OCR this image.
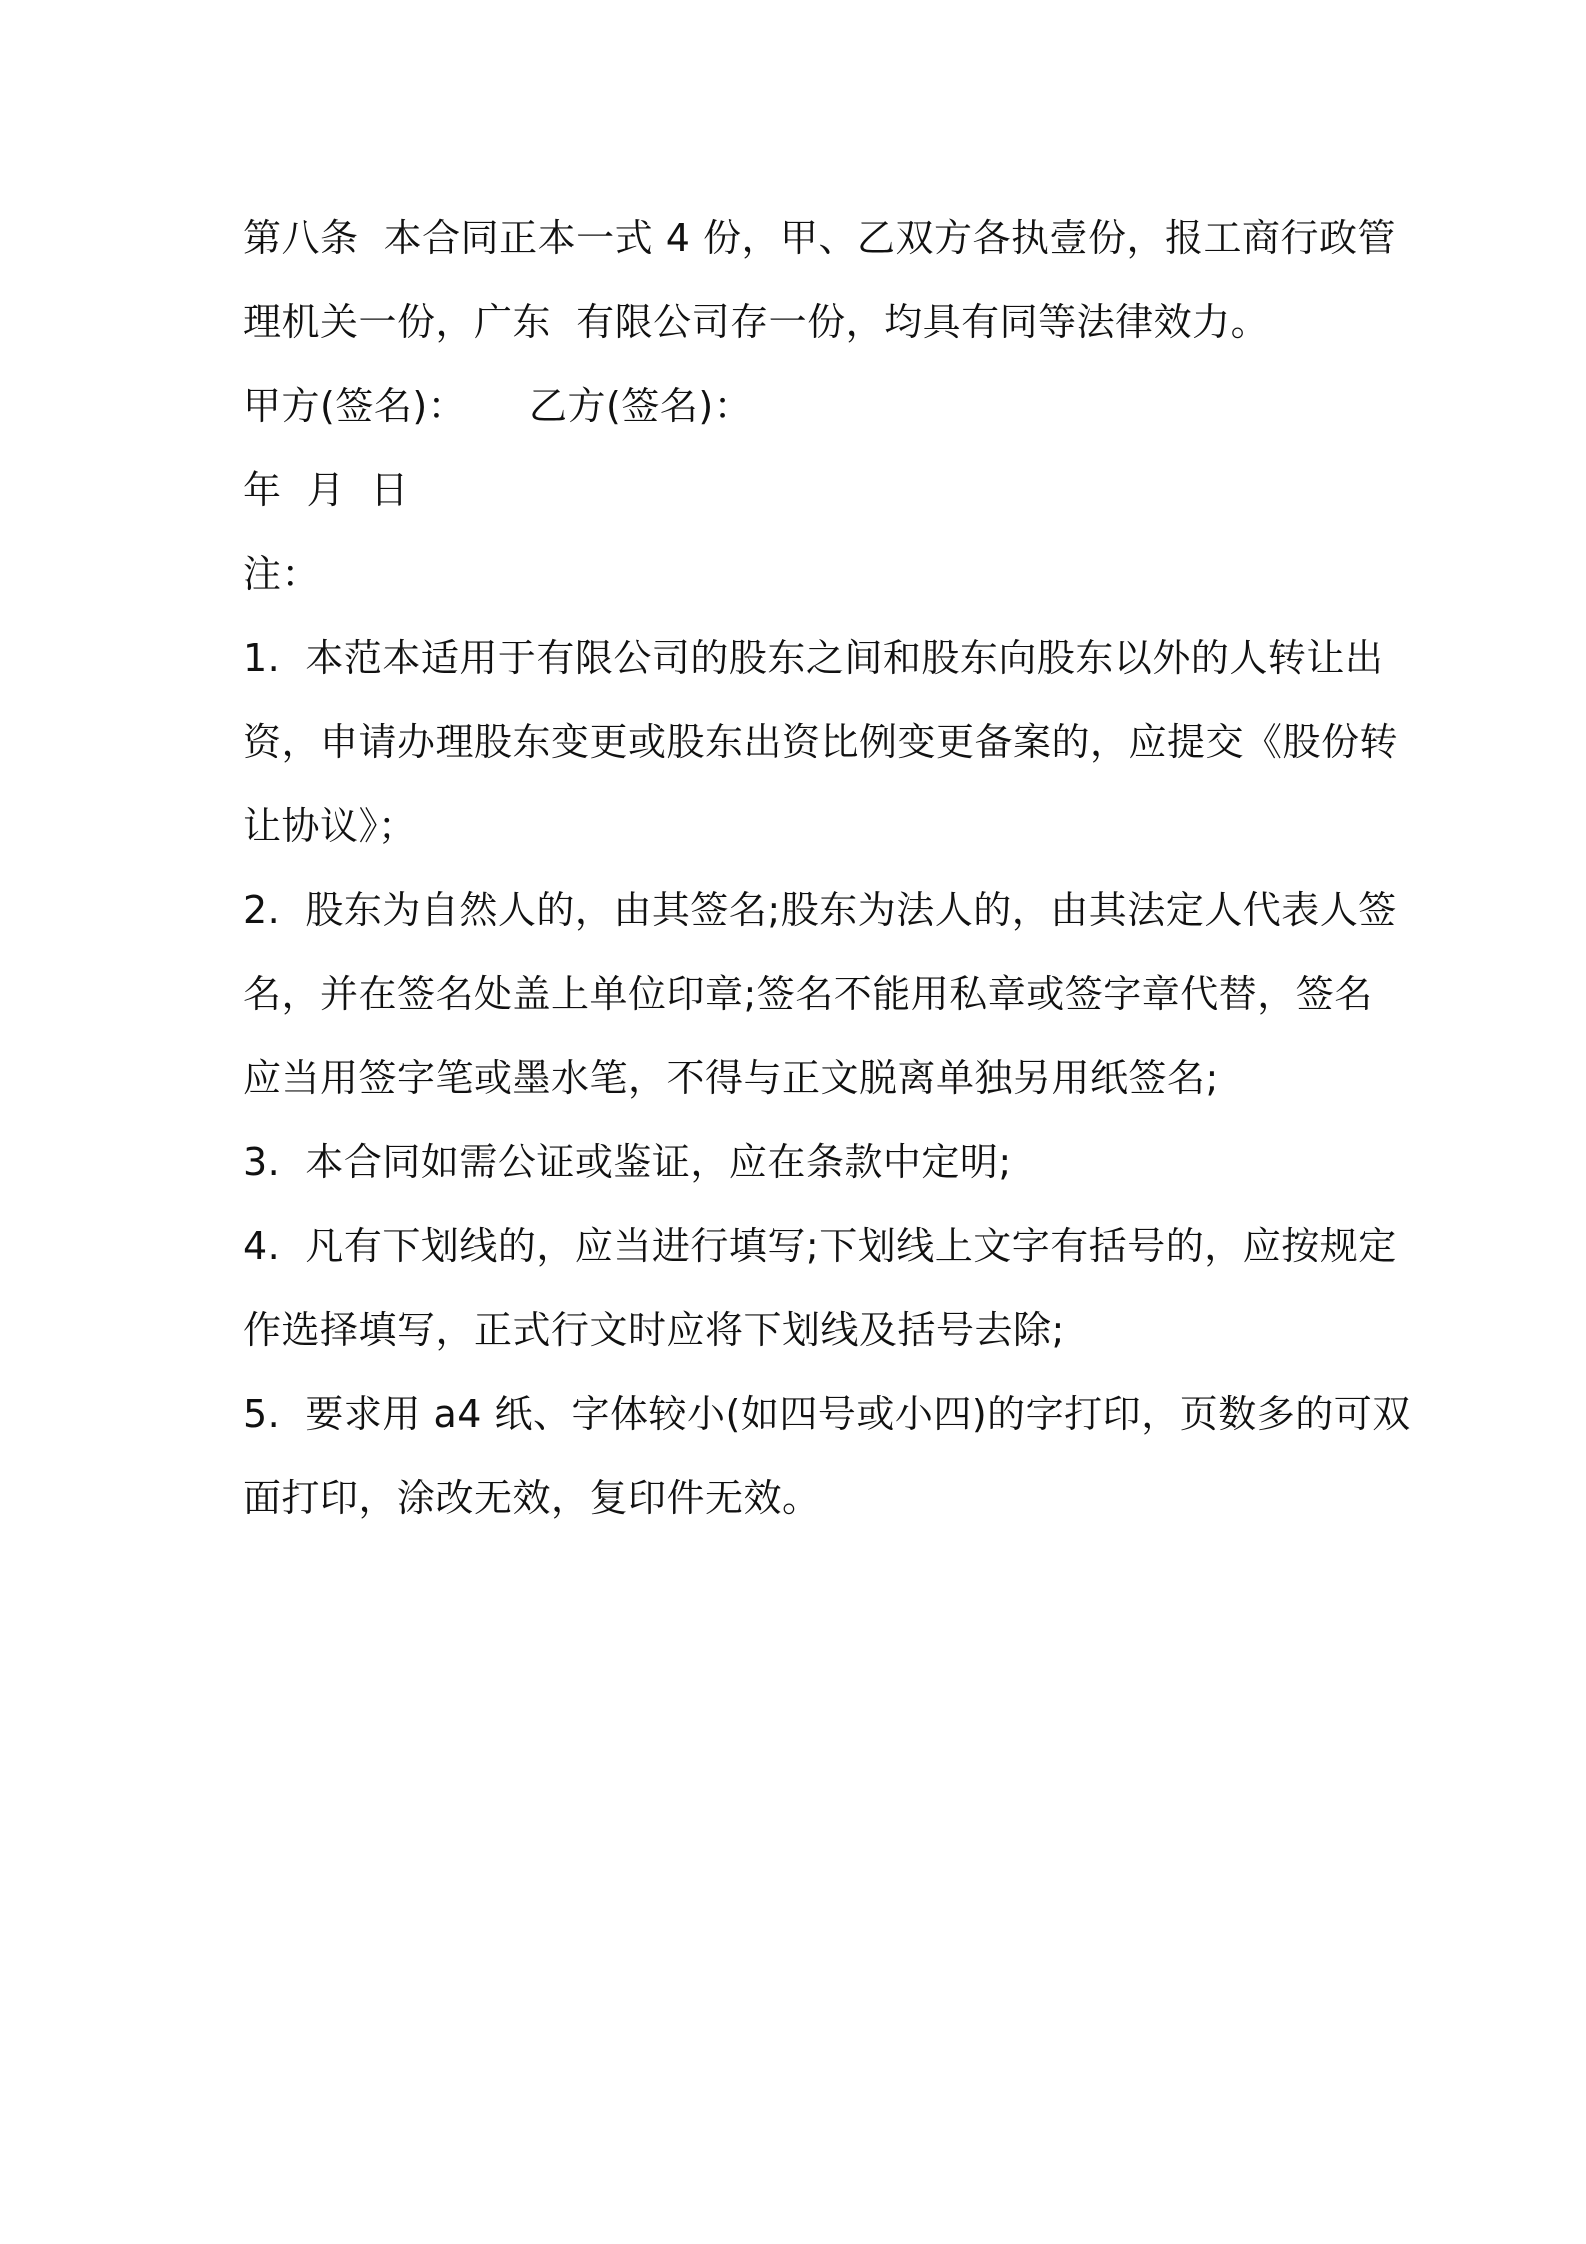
第八条  本合同正本一式 4 份，甲、乙双方各执壹份，报工商行政管
理机关一份，广东  有限公司存一份，均具有同等法律效力。
甲方(签名)：     乙方(签名)：
年  月  日
注：
1.  本范本适用于有限公司的股东之间和股东向股东以外的人转让出
资，申请办理股东变更或股东出资比例变更备案的，应提交《股份转
让协议》；
2.  股东为自然人的，由其签名;股东为法人的，由其法定人代表人签
名，并在签名处盖上单位印章;签名不能用私章或签字章代替，签名
应当用签字笔或墨水笔，不得与正文脱离单独另用纸签名;
3.  本合同如需公证或鉴证，应在条款中定明;
4.  凡有下划线的，应当进行填写;下划线上文字有括号的，应按规定
作选择填写，正式行文时应将下划线及括号去除;
5.  要求用 a4 纸、字体较小(如四号或小四)的字打印，页数多的可双
面打印，涂改无效，复印件无效。
